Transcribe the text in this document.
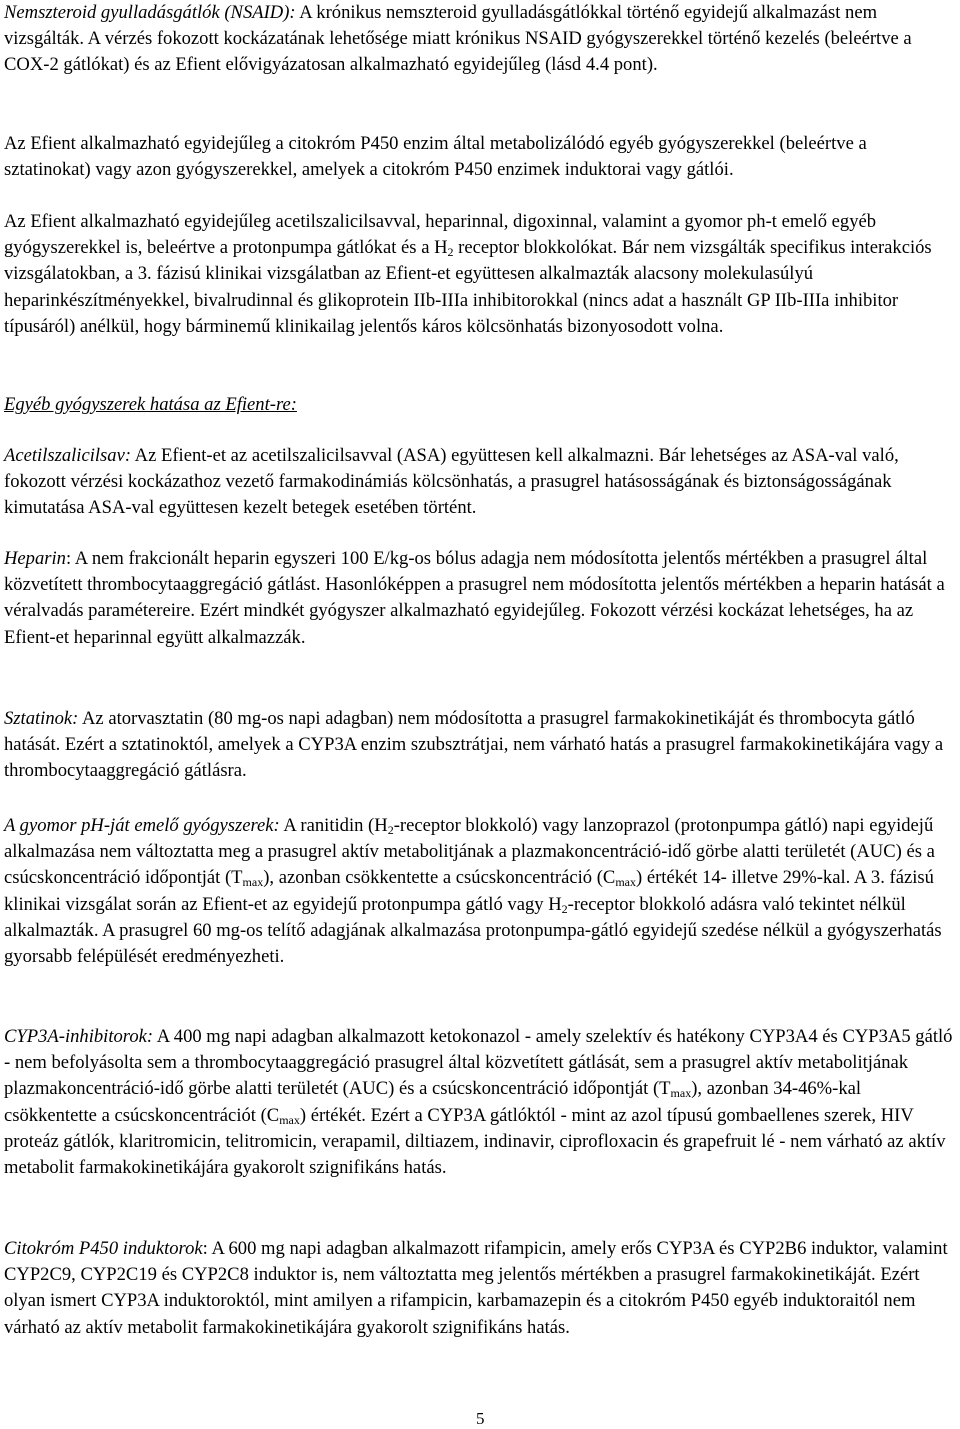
Nemszteroid gyulladásgátlók (NSAID): A krónikus nemszteroid gyulladásgátlókkal történő egyidejű alkalmazást nem vizsgálták. A vérzés fokozott kockázatának lehetősége miatt krónikus NSAID gyógyszerekkel történő kezelés (beleértve a COX-2 gátlókat) és az Efient elővigyázatosan alkalmazható egyidejűleg (lásd 4.4 pont).
Az Efient alkalmazható egyidejűleg a citokróm P450 enzim által metabolizálódó egyéb gyógyszerekkel (beleértve a sztatinokat) vagy azon gyógyszerekkel, amelyek a citokróm P450 enzimek induktorai vagy gátlói.
Az Efient alkalmazható egyidejűleg acetilszalicilsavval, heparinnal, digoxinnal, valamint a gyomor ph-t emelő egyéb gyógyszerekkel is, beleértve a protonpumpa gátlókat és a $H_2$ receptor blokkolókat. Bár nem vizsgálták specifikus interakciós vizsgálatokban, a 3. fázisú klinikai vizsgálatban az Efient-et együttesen alkalmazták alacsony molekulasúlyú heparinkészítményekkel, bivalrudinnal és glikoprotein IIb-IIIa inhibitorokkal (nincs adat a használt GP IIb-IIIa inhibitor típusáról) anélkül, hogy bárminemű klinikailag jelentős káros kölcsönhatás bizonyosodott volna.
Egyéb gyógyszerek hatása az Efient-re:
Acetilszalicilsav: Az Efient-et az acetilszalicilsavval (ASA) együttesen kell alkalmazni. Bár lehetséges az ASA-val való, fokozott vérzési kockázathoz vezető farmakodinámiás kölcsönhatás, a prasugrel hatásosságának és biztonságosságának kimutatása ASA-val együttesen kezelt betegek esetében történt.
Heparin: A nem frakcionált heparin egyszeri 100 E/kg-os bólus adagja nem módosította jelentős mértékben a prasugrel által közvetített thrombocytaaggregáció gátlást. Hasonlóképpen a prasugrel nem módosította jelentős mértékben a heparin hatását a véralvadás paramétereire. Ezért mindkét gyógyszer alkalmazható egyidejűleg. Fokozott vérzési kockázat lehetséges, ha az Efient-et heparinnal együtt alkalmazzák.
Sztatinok: Az atorvasztatin (80 mg-os napi adagban) nem módosította a prasugrel farmakokinetikáját és thrombocyta gátló hatását. Ezért a sztatinoktól, amelyek a CYP3A enzim szubsztrátjai, nem várható hatás a prasugrel farmakokinetikájára vagy a thrombocytaaggregáció gátlásra.
A gyomor pH-ját emelő gyógyszerek: A ranitidin ($H_2$-receptor blokkoló) vagy lanzoprazol (protonpumpa gátló) napi egyidejű alkalmazása nem változtatta meg a prasugrel aktív metabolitjának a plazmakoncentráció-idő görbe alatti területét (AUC) és a csúcskoncentráció időpontját $(T_{max})$, azonban csökkentette a csúcskoncentráció $(C_{max})$ értékét 14- illetve 29%-kal. A 3. fázisú klinikai vizsgálat során az Efient-et az egyidejű protonpumpa gátló vagy $H_2$-receptor blokkoló adásra való tekintet nélkül alkalmazták. A prasugrel 60 mg-os telítő adagjának alkalmazása protonpumpa-gátló egyidejű szedése nélkül a gyógyszerhatás gyorsabb felépülését eredményezheti.
CYP3A-inhibitorok: A 400 mg napi adagban alkalmazott ketokonazol - amely szelektív és hatékony CYP3A4 és CYP3A5 gátló - nem befolyásolta sem a thrombocytaaggregáció prasugrel által közvetített gátlását, sem a prasugrel aktív metabolitjának plazmakoncentráció-idő görbe alatti területét (AUC) és a csúcskoncentráció időpontját $(T_{max})$, azonban 34-46%-kal csökkentette a csúcskoncentrációt $(C_{max})$ értékét. Ezért a CYP3A gátlóktól - mint az azol típusú gombaellenes szerek, HIV proteáz gátlók, klaritromicin, telitromicin, verapamil, diltiazem, indinavir, ciprofloxacin és grapefruit lé - nem várható az aktív metabolit farmakokinetikájára gyakorolt szignifikáns hatás.
Citokróm P450 induktorok: A 600 mg napi adagban alkalmazott rifampicin, amely erős CYP3A és CYP2B6 induktor, valamint CYP2C9, CYP2C19 és CYP2C8 induktor is, nem változtatta meg jelentős mértékben a prasugrel farmakokinetikáját. Ezért olyan ismert CYP3A induktoroktól, mint amilyen a rifampicin, karbamazepin és a citokróm P450 egyéb induktoraitól nem várható az aktív metabolit farmakokinetikájára gyakorolt szignifikáns hatás.
5
